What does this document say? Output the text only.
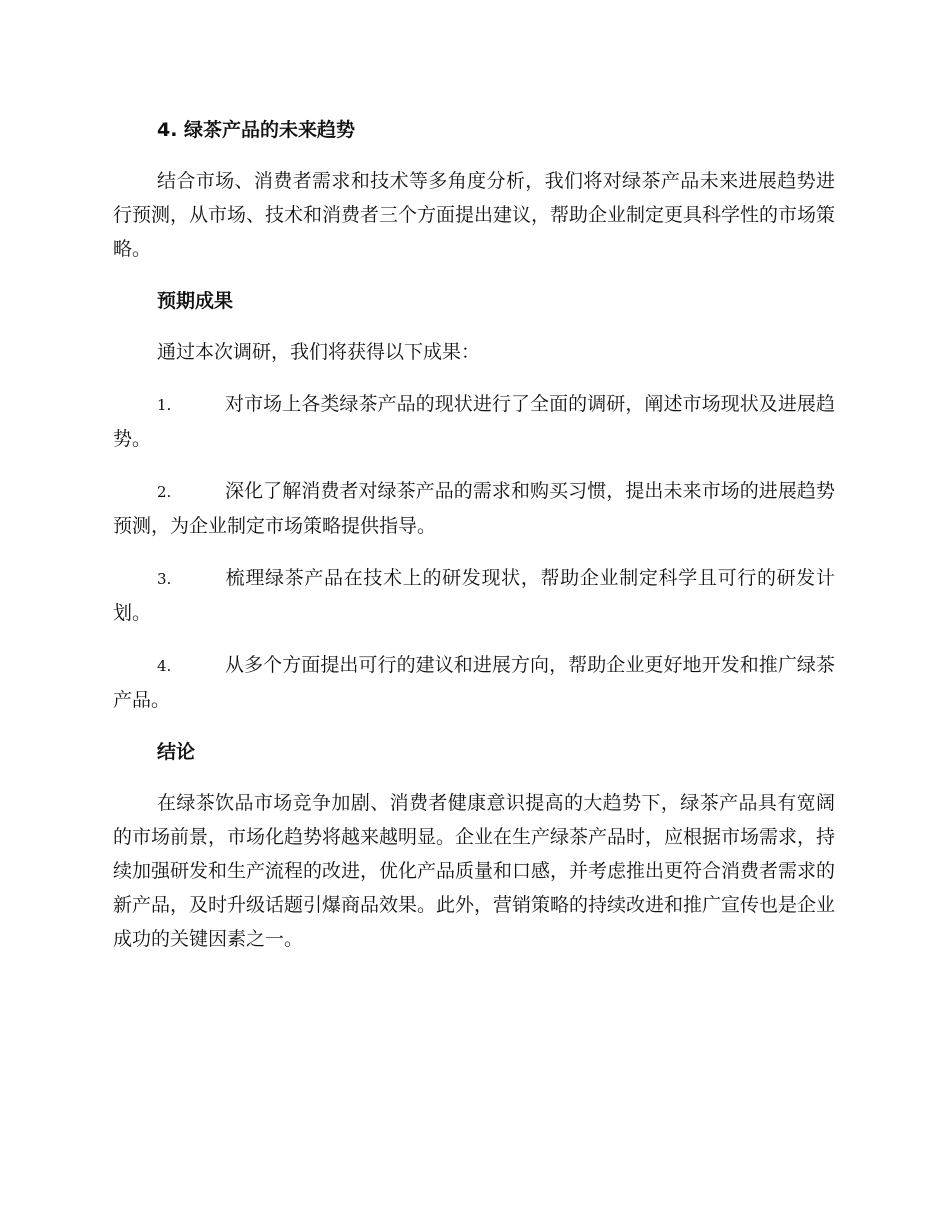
4. 绿茶产品的未来趋势

结合市场、消费者需求和技术等多角度分析，我们将对绿茶产品未来进展趋势进行预测，从市场、技术和消费者三个方面提出建议，帮助企业制定更具科学性的市场策略。

预期成果

通过本次调研，我们将获得以下成果：

1.	对市场上各类绿茶产品的现状进行了全面的调研，阐述市场现状及进展趋势。

2.	深化了解消费者对绿茶产品的需求和购买习惯，提出未来市场的进展趋势预测，为企业制定市场策略提供指导。

3.	梳理绿茶产品在技术上的研发现状，帮助企业制定科学且可行的研发计划。

4.	从多个方面提出可行的建议和进展方向，帮助企业更好地开发和推广绿茶产品。

结论

在绿茶饮品市场竞争加剧、消费者健康意识提高的大趋势下，绿茶产品具有宽阔的市场前景，市场化趋势将越来越明显。企业在生产绿茶产品时，应根据市场需求，持续加强研发和生产流程的改进，优化产品质量和口感，并考虑推出更符合消费者需求的新产品，及时升级话题引爆商品效果。此外，营销策略的持续改进和推广宣传也是企业成功的关键因素之一。
